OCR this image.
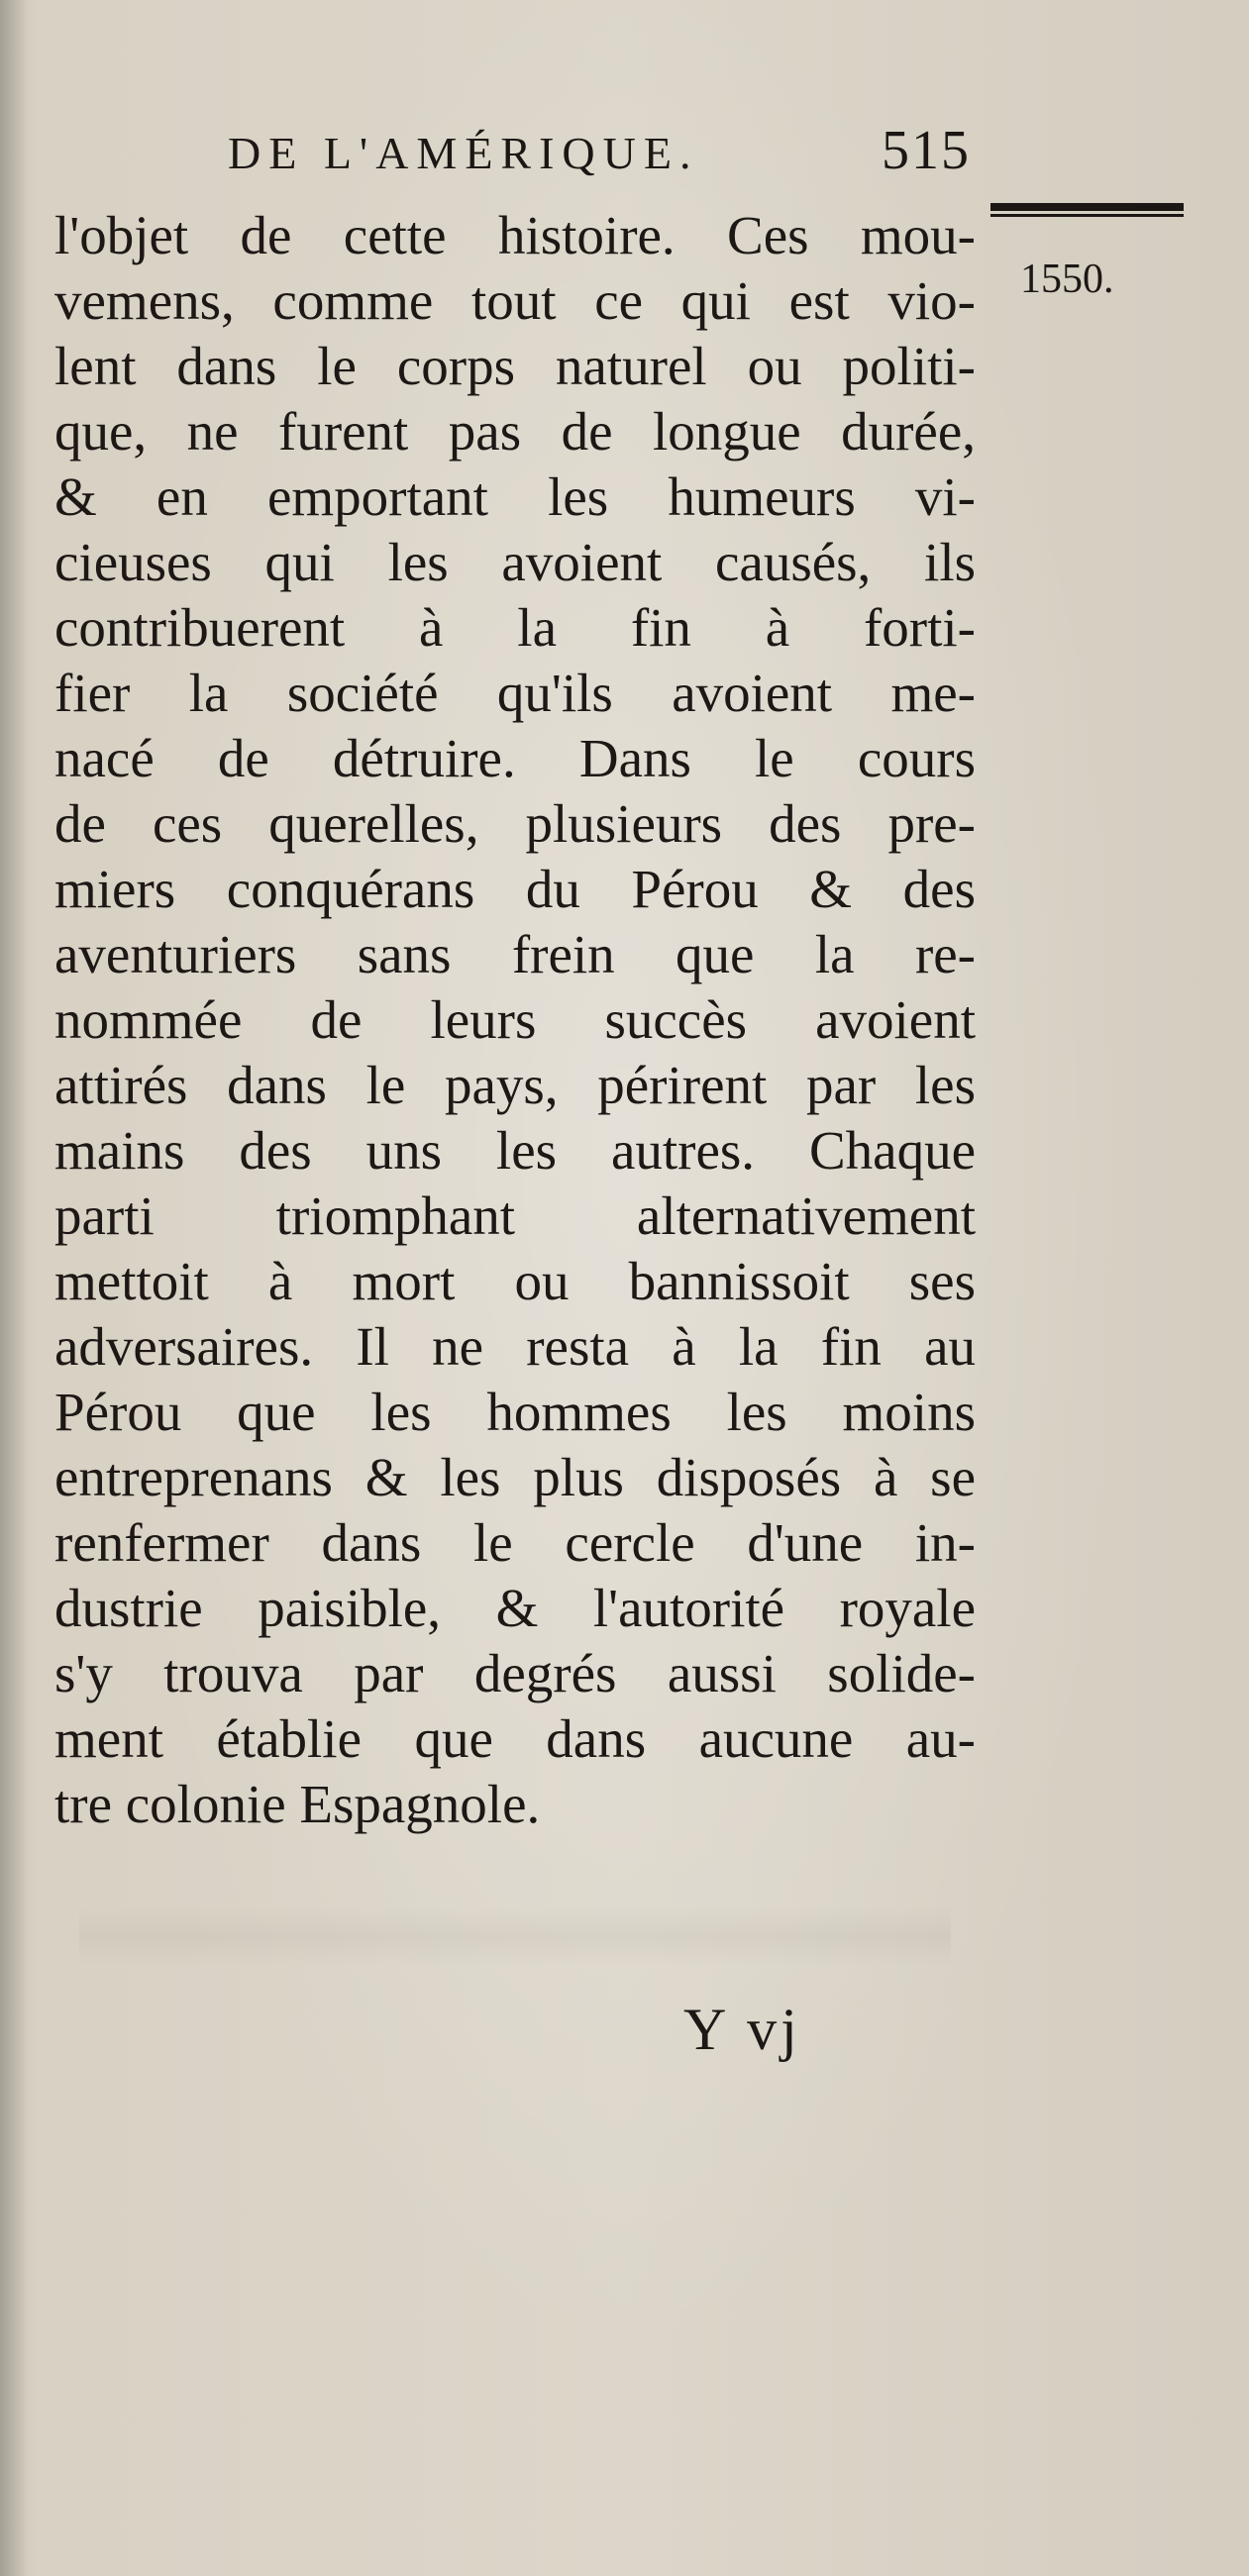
DE L'AMÉRIQUE.	515
1550.
l'objet de cette histoire. Ces mou-
vemens, comme tout ce qui est vio-
lent dans le corps naturel ou politi-
que, ne furent pas de longue durée,
& en emportant les humeurs vi-
cieuses qui les avoient causés, ils
contribuerent à la fin à forti-
fier la société qu'ils avoient me-
nacé de détruire. Dans le cours
de ces querelles, plusieurs des pre-
miers conquérans du Pérou & des
aventuriers sans frein que la re-
nommée de leurs succès avoient
attirés dans le pays, périrent par les
mains des uns les autres. Chaque
parti triomphant alternativement
mettoit à mort ou bannissoit ses
adversaires. Il ne resta à la fin au
Pérou que les hommes les moins
entreprenans & les plus disposés à se
renfermer dans le cercle d'une in-
dustrie paisible, & l'autorité royale
s'y trouva par degrés aussi solide-
ment établie que dans aucune au-
tre colonie Espagnole.
Y vj
